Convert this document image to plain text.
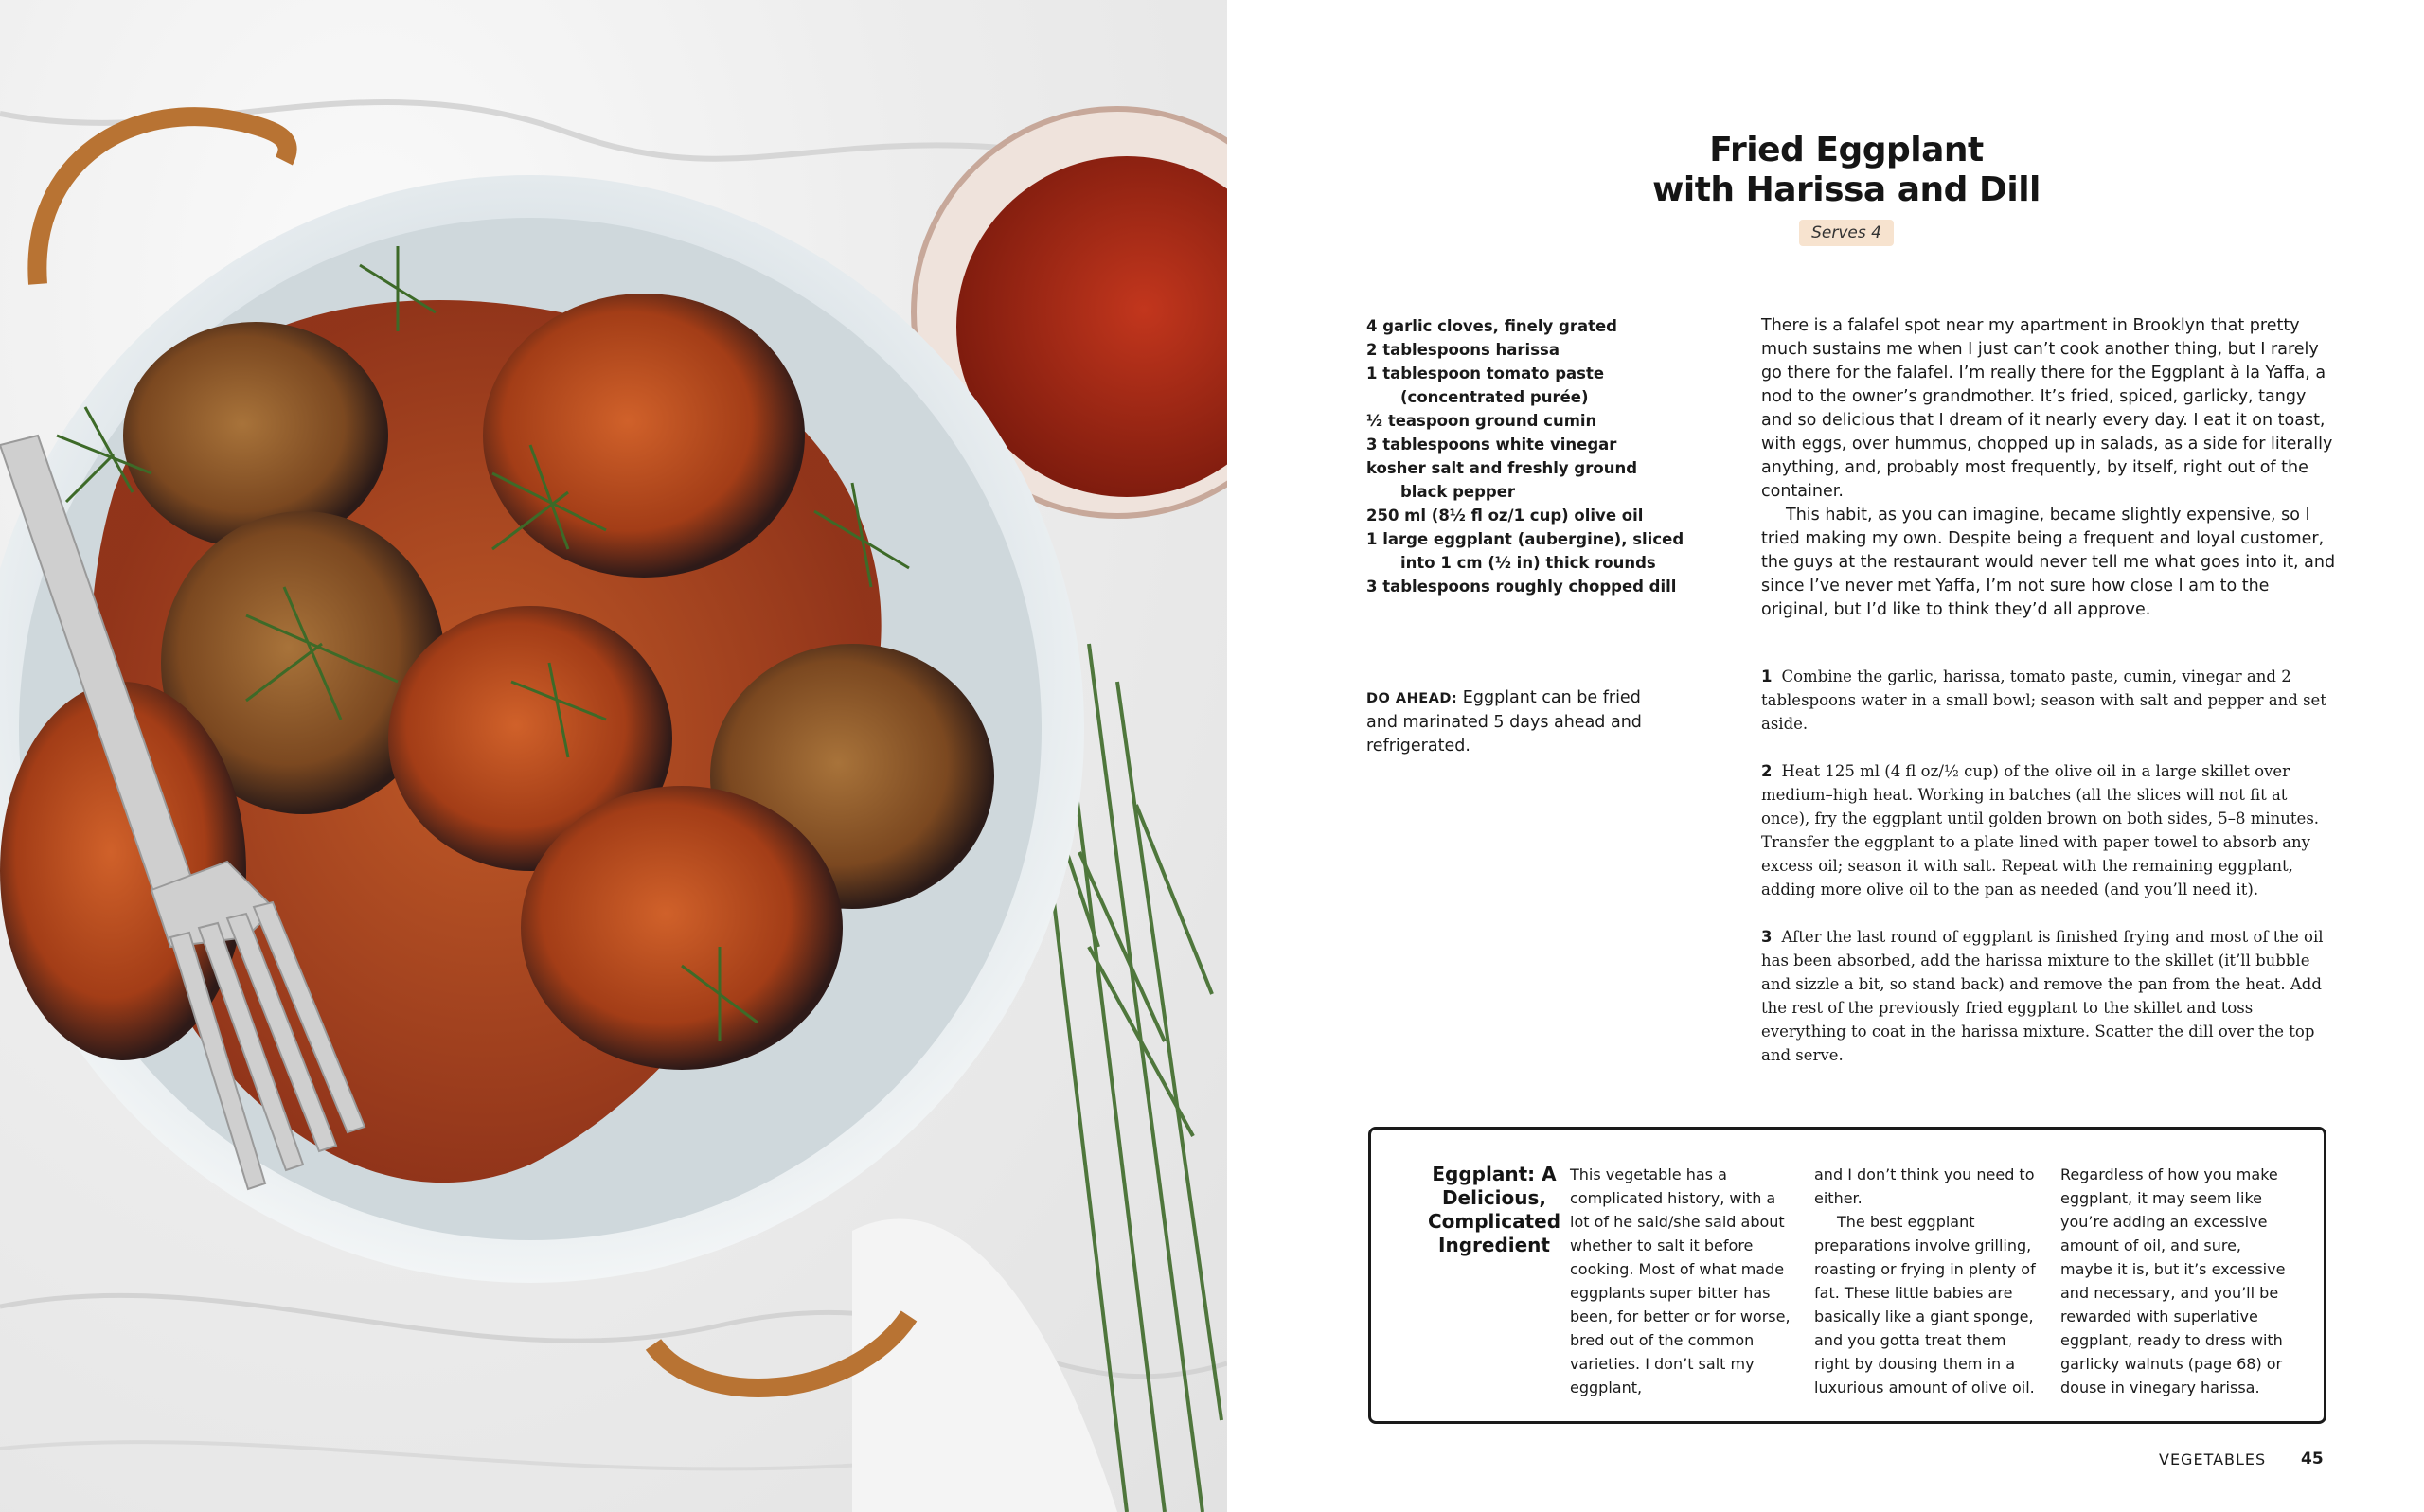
Fried Eggplant
with Harissa and Dill
Serves 4
4 garlic cloves, finely grated
2 tablespoons harissa
1 tablespoon tomato paste
(concentrated purée)
½ teaspoon ground cumin
3 tablespoons white vinegar
kosher salt and freshly ground
black pepper
250 ml (8½ fl oz/1 cup) olive oil
1 large eggplant (aubergine), sliced
into 1 cm (½ in) thick rounds
3 tablespoons roughly chopped dill

There is a falafel spot near my apartment in Brooklyn that pretty much sustains me when I just can’t cook another thing, but I rarely go there for the falafel. I’m really there for the Eggplant à la Yaffa, a nod to the owner’s grandmother. It’s fried, spiced, garlicky, tangy and so delicious that I dream of it nearly every day. I eat it on toast, with eggs, over hummus, chopped up in salads, as a side for literally anything, and, probably most frequently, by itself, right out of the container.

This habit, as you can imagine, became slightly expensive, so I tried making my own. Despite being a frequent and loyal customer, the guys at the restaurant would never tell me what goes into it, and since I’ve never met Yaffa, I’m not sure how close I am to the original, but I’d like to think they’d all approve.

DO AHEAD: Eggplant can be fried and marinated 5 days ahead and refrigerated.
1 Combine the garlic, harissa, tomato paste, cumin, vinegar and 2 tablespoons water in a small bowl; season with salt and pepper and set aside.
2 Heat 125 ml (4 fl oz/½ cup) of the olive oil in a large skillet over medium–high heat. Working in batches (all the slices will not fit at once), fry the eggplant until golden brown on both sides, 5–8 minutes. Transfer the eggplant to a plate lined with paper towel to absorb any excess oil; season it with salt. Repeat with the remaining eggplant, adding more olive oil to the pan as needed (and you’ll need it).
3 After the last round of eggplant is finished frying and most of the oil has been absorbed, add the harissa mixture to the skillet (it’ll bubble and sizzle a bit, so stand back) and remove the pan from the heat. Add the rest of the previously fried eggplant to the skillet and toss everything to coat in the harissa mixture. Scatter the dill over the top and serve.
Eggplant: A Delicious, Complicated Ingredient

This vegetable has a complicated history, with a lot of he said/she said about whether to salt it before cooking. Most of what made eggplants super bitter has been, for better or for worse, bred out of the common varieties. I don’t salt my eggplant,

and I don’t think you need to either.

The best eggplant preparations involve grilling, roasting or frying in plenty of fat. These little babies are basically like a giant sponge, and you gotta treat them right by dousing them in a luxurious amount of olive oil.

Regardless of how you make eggplant, it may seem like you’re adding an excessive amount of oil, and sure, maybe it is, but it’s excessive and necessary, and you’ll be rewarded with superlative eggplant, ready to dress with garlicky walnuts (page 68) or douse in vinegary harissa.

VEGETABLES 45
